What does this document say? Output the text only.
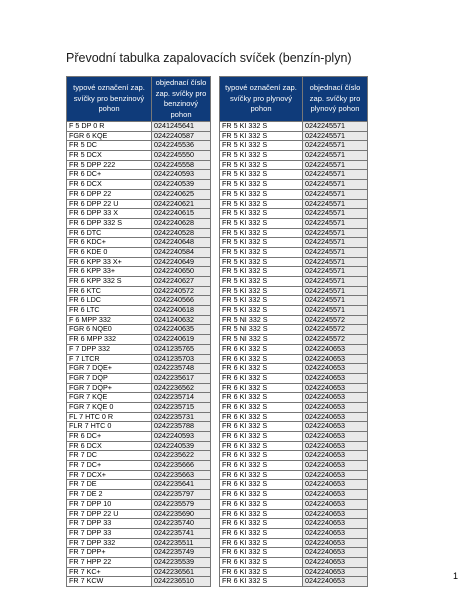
Převodní tabulka zapalovacích svíček (benzín-plyn)
typové označení zap. svíčky pro benzinový pohon	objednací číslo zap. svíčky pro benzinový pohon		typové označení zap. svíčky pro plynový pohon	objednací číslo zap. svíčky pro plynový pohon
F 5 DP 0 R	0241245641		FR 5 KI 332 S	0242245571
FGR 6 KQE	0242240587		FR 5 KI 332 S	0242245571
FR 5 DC	0242245536		FR 5 KI 332 S	0242245571
FR 5 DCX	0242245550		FR 5 KI 332 S	0242245571
FR 5 DPP 222	0242245558		FR 5 KI 332 S	0242245571
FR 6 DC+	0242240593		FR 5 KI 332 S	0242245571
FR 6 DCX	0242240539		FR 5 KI 332 S	0242245571
FR 6 DPP 22	0242240625		FR 5 KI 332 S	0242245571
FR 6 DPP 22 U	0242240621		FR 5 KI 332 S	0242245571
FR 6 DPP 33 X	0242240615		FR 5 KI 332 S	0242245571
FR 6 DPP 332 S	0242240628		FR 5 KI 332 S	0242245571
FR 6 DTC	0242240528		FR 5 KI 332 S	0242245571
FR 6 KDC+	0242240648		FR 5 KI 332 S	0242245571
FR 6 KDE 0	0242240584		FR 5 KI 332 S	0242245571
FR 6 KPP 33 X+	0242240649		FR 5 KI 332 S	0242245571
FR 6 KPP 33+	0242240650		FR 5 KI 332 S	0242245571
FR 6 KPP 332 S	0242240627		FR 5 KI 332 S	0242245571
FR 6 KTC	0242240572		FR 5 KI 332 S	0242245571
FR 6 LDC	0242240566		FR 5 KI 332 S	0242245571
FR 6 LTC	0242240618		FR 5 KI 332 S	0242245571
F 6 MPP 332	0241240632		FR 5 NI 332 S	0242245572
FGR 6 NQE0	0242240635		FR 5 NI 332 S	0242245572
FR 6 MPP 332	0242240619		FR 5 NI 332 S	0242245572
F 7 DPP 332	0241235765		FR 6 KI 332 S	0242240653
F 7 LTCR	0241235703		FR 6 KI 332 S	0242240653
FGR 7 DQE+	0242235748		FR 6 KI 332 S	0242240653
FGR 7 DQP	0242235617		FR 6 KI 332 S	0242240653
FGR 7 DQP+	0242236562		FR 6 KI 332 S	0242240653
FGR 7 KQE	0242235714		FR 6 KI 332 S	0242240653
FGR 7 KQE 0	0242235715		FR 6 KI 332 S	0242240653
FL 7 HTC 0 R	0242235731		FR 6 KI 332 S	0242240653
FLR 7 HTC 0	0242235788		FR 6 KI 332 S	0242240653
FR 6 DC+	0242240593		FR 6 KI 332 S	0242240653
FR 6 DCX	0242240539		FR 6 KI 332 S	0242240653
FR 7 DC	0242235622		FR 6 KI 332 S	0242240653
FR 7 DC+	0242235666		FR 6 KI 332 S	0242240653
FR 7 DCX+	0242235663		FR 6 KI 332 S	0242240653
FR 7 DE	0242235641		FR 6 KI 332 S	0242240653
FR 7 DE 2	0242235797		FR 6 KI 332 S	0242240653
FR 7 DPP 10	0242235579		FR 6 KI 332 S	0242240653
FR 7 DPP 22 U	0242235690		FR 6 KI 332 S	0242240653
FR 7 DPP 33	0242235740		FR 6 KI 332 S	0242240653
FR 7 DPP 33	0242235741		FR 6 KI 332 S	0242240653
FR 7 DPP 332	0242235511		FR 6 KI 332 S	0242240653
FR 7 DPP+	0242235749		FR 6 KI 332 S	0242240653
FR 7 HPP 22	0242235539		FR 6 KI 332 S	0242240653
FR 7 KC+	0242236561		FR 6 KI 332 S	0242240653
FR 7 KCW	0242236510		FR 6 KI 332 S	0242240653	1
